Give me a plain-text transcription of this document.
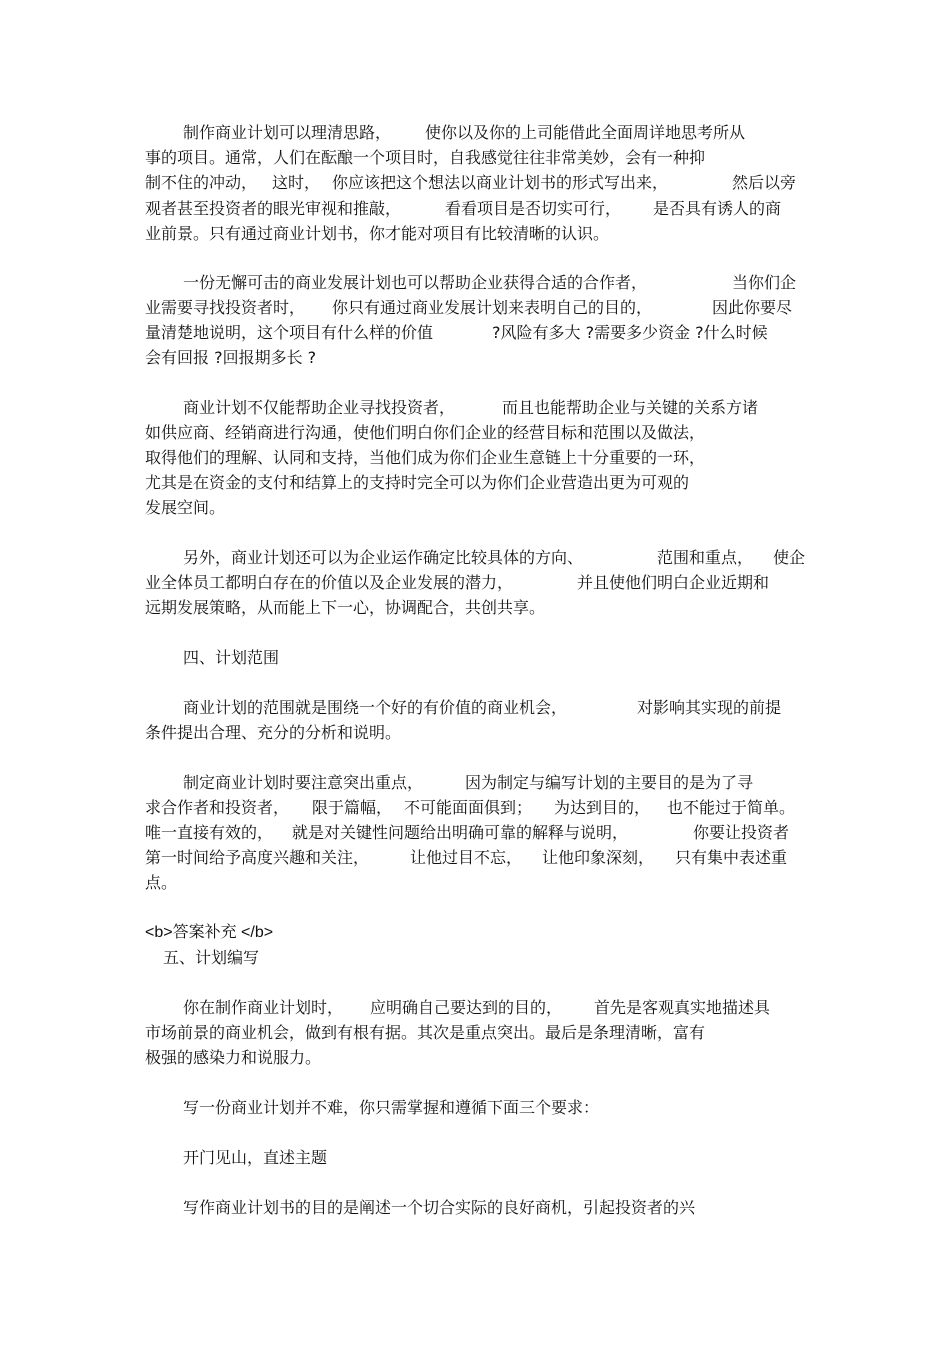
制作商业计划可以理清思路， 使你以及你的上司能借此全面周详地思考所从
事的项目。通常，人们在酝酿一个项目时，自我感觉往往非常美妙，会有一种抑
制不住的冲动， 这时， 你应该把这个想法以商业计划书的形式写出来，	然后以旁
观者甚至投资者的眼光审视和推敲，	看看项目是否切实可行， 是否具有诱人的商
业前景。只有通过商业计划书，你才能对项目有比较清晰的认识。
一份无懈可击的商业发展计划也可以帮助企业获得合适的合作者，	当你们企
业需要寻找投资者时， 你只有通过商业发展计划来表明自己的目的，	因此你要尽
量清楚地说明，这个项目有什么样的价值	?风险有多大 ?需要多少资金 ?什么时候
会有回报 ?回报期多长 ?
商业计划不仅能帮助企业寻找投资者，	而且也能帮助企业与关键的关系方诸
如供应商、经销商进行沟通，使他们明白你们企业的经营目标和范围以及做法，
取得他们的理解、认同和支持，当他们成为你们企业生意链上十分重要的一环，
尤其是在资金的支付和结算上的支持时完全可以为你们企业营造出更为可观的
发展空间。
另外，商业计划还可以为企业运作确定比较具体的方向、	范围和重点， 使企
业全体员工都明白存在的价值以及企业发展的潜力，	并且使他们明白企业近期和
远期发展策略，从而能上下一心，协调配合，共创共享。
四、计划范围
商业计划的范围就是围绕一个好的有价值的商业机会，	对影响其实现的前提
条件提出合理、充分的分析和说明。
制定商业计划时要注意突出重点，	因为制定与编写计划的主要目的是为了寻
求合作者和投资者， 限于篇幅， 不可能面面俱到； 为达到目的， 也不能过于简单。
唯一直接有效的， 就是对关键性问题给出明确可靠的解释与说明，	你要让投资者
第一时间给予高度兴趣和关注，	让他过目不忘， 让他印象深刻， 只有集中表述重
点。
<b>答案补充 </b>
五、计划编写
你在制作商业计划时， 应明确自己要达到的目的， 首先是客观真实地描述具
市场前景的商业机会，做到有根有据。其次是重点突出。最后是条理清晰，富有
极强的感染力和说服力。
写一份商业计划并不难，你只需掌握和遵循下面三个要求：
开门见山，直述主题
写作商业计划书的目的是阐述一个切合实际的良好商机，引起投资者的兴
